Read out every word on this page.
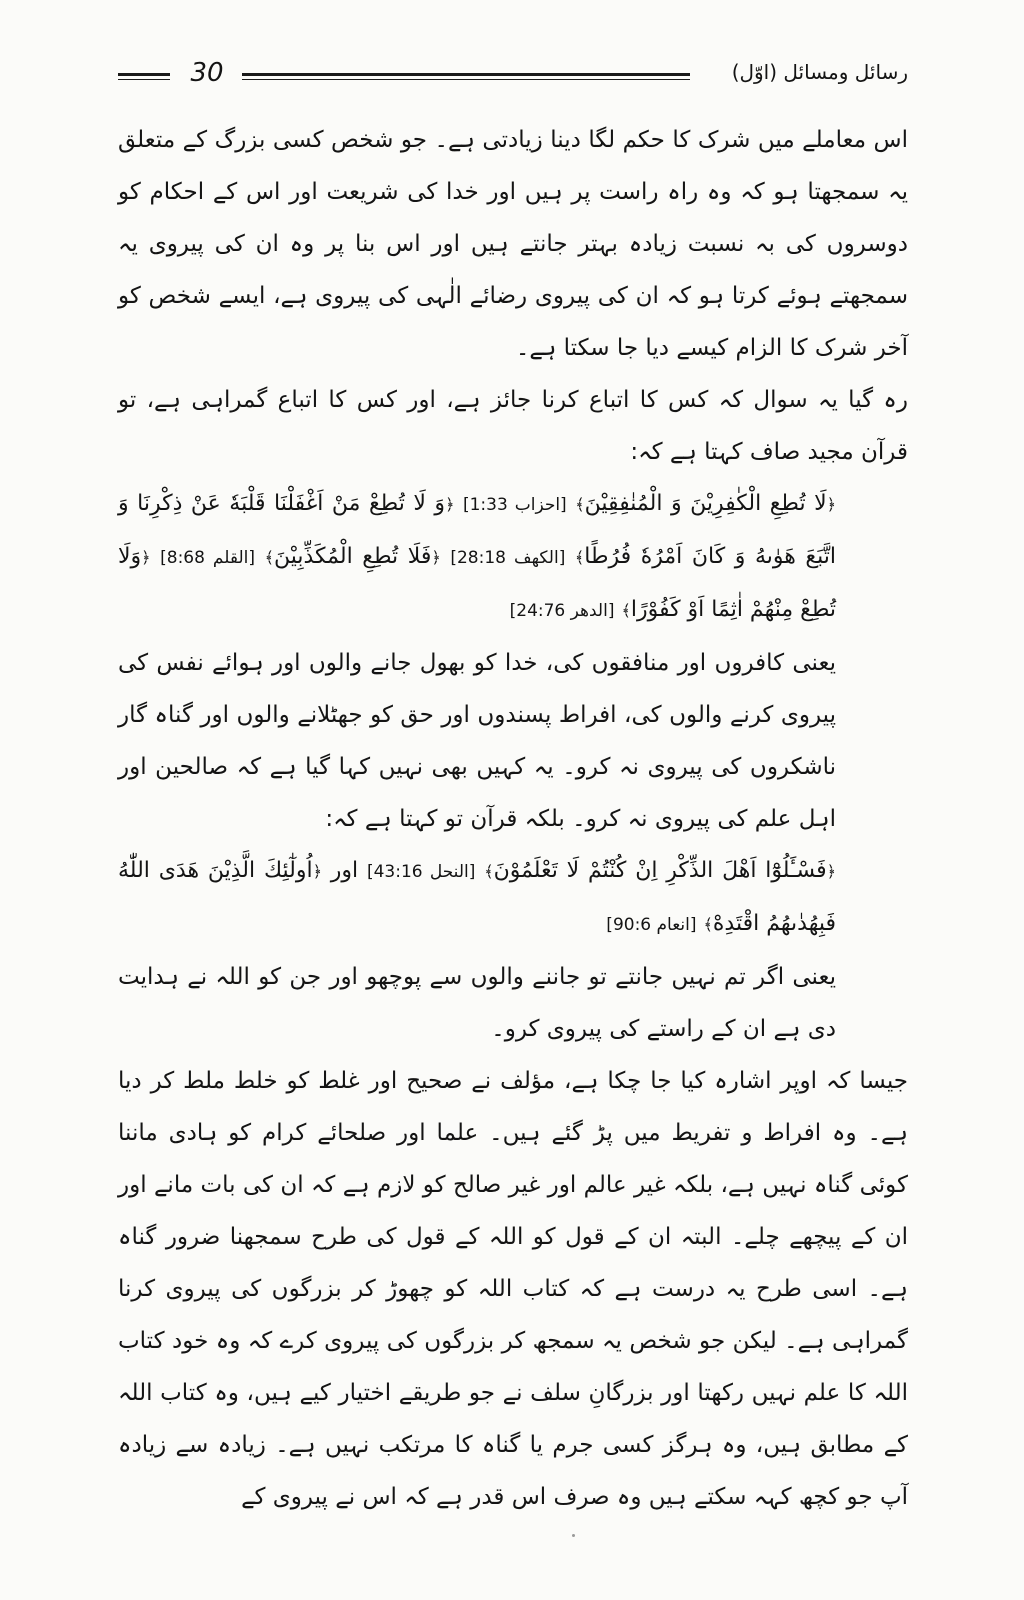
30	رسائل ومسائل (اوّل)

اس معاملے میں شرک کا حکم لگا دینا زیادتی ہے۔ جو شخص کسی بزرگ کے متعلق یہ سمجھتا ہو کہ وہ راہ راست پر ہیں اور خدا کی شریعت اور اس کے احکام کو دوسروں کی بہ نسبت زیادہ بہتر جانتے ہیں اور اس بنا پر وہ ان کی پیروی یہ سمجھتے ہوئے کرتا ہو کہ ان کی پیروی رضائے الٰہی کی پیروی ہے، ایسے شخص کو آخر شرک کا الزام کیسے دیا جا سکتا ہے۔

رہ گیا یہ سوال کہ کس کا اتباع کرنا جائز ہے، اور کس کا اتباع گمراہی ہے، تو قرآن مجید صاف کہتا ہے کہ:

﴿لَا تُطِعِ الْكٰفِرِيْنَ وَ الْمُنٰفِقِيْنَ﴾ [احزاب 1:33] ﴿وَ لَا تُطِعْ مَنْ اَغْفَلْنَا قَلْبَهٗ عَنْ ذِكْرِنَا وَ اتَّبَعَ هَوٰىهُ وَ كَانَ اَمْرُهٗ فُرُطًا﴾ [الکھف 28:18] ﴿فَلَا تُطِعِ الْمُكَذِّبِيْنَ﴾ [القلم 8:68] ﴿وَلَا تُطِعْ مِنْهُمْ اٰثِمًا اَوْ كَفُوْرًا﴾ [الدھر 24:76]

یعنی کافروں اور منافقوں کی، خدا کو بھول جانے والوں اور ہوائے نفس کی پیروی کرنے والوں کی، افراط پسندوں اور حق کو جھٹلانے والوں اور گناہ گار ناشکروں کی پیروی نہ کرو۔ یہ کہیں بھی نہیں کہا گیا ہے کہ صالحین اور اہل علم کی پیروی نہ کرو۔ بلکہ قرآن تو کہتا ہے کہ:

﴿فَسْـَٔلُوْٓا اَهْلَ الذِّكْرِ اِنْ كُنْتُمْ لَا تَعْلَمُوْنَ﴾ [النحل 43:16] اور ﴿اُولٰٓئِكَ الَّذِيْنَ هَدَى اللّٰهُ فَبِهُدٰىهُمُ اقْتَدِهْ﴾ [انعام 90:6]

یعنی اگر تم نہیں جانتے تو جاننے والوں سے پوچھو اور جن کو اللہ نے ہدایت دی ہے ان کے راستے کی پیروی کرو۔

جیسا کہ اوپر اشارہ کیا جا چکا ہے، مؤلف نے صحیح اور غلط کو خلط ملط کر دیا ہے۔ وہ افراط و تفریط میں پڑ گئے ہیں۔ علما اور صلحائے کرام کو ہادی ماننا کوئی گناہ نہیں ہے، بلکہ غیر عالم اور غیر صالح کو لازم ہے کہ ان کی بات مانے اور ان کے پیچھے چلے۔ البتہ ان کے قول کو اللہ کے قول کی طرح سمجھنا ضرور گناہ ہے۔ اسی طرح یہ درست ہے کہ کتاب اللہ کو چھوڑ کر بزرگوں کی پیروی کرنا گمراہی ہے۔ لیکن جو شخص یہ سمجھ کر بزرگوں کی پیروی کرے کہ وہ خود کتاب اللہ کا علم نہیں رکھتا اور بزرگانِ سلف نے جو طریقے اختیار کیے ہیں، وہ کتاب اللہ کے مطابق ہیں، وہ ہرگز کسی جرم یا گناہ کا مرتکب نہیں ہے۔ زیادہ سے زیادہ آپ جو کچھ کہہ سکتے ہیں وہ صرف اس قدر ہے کہ اس نے پیروی کے
